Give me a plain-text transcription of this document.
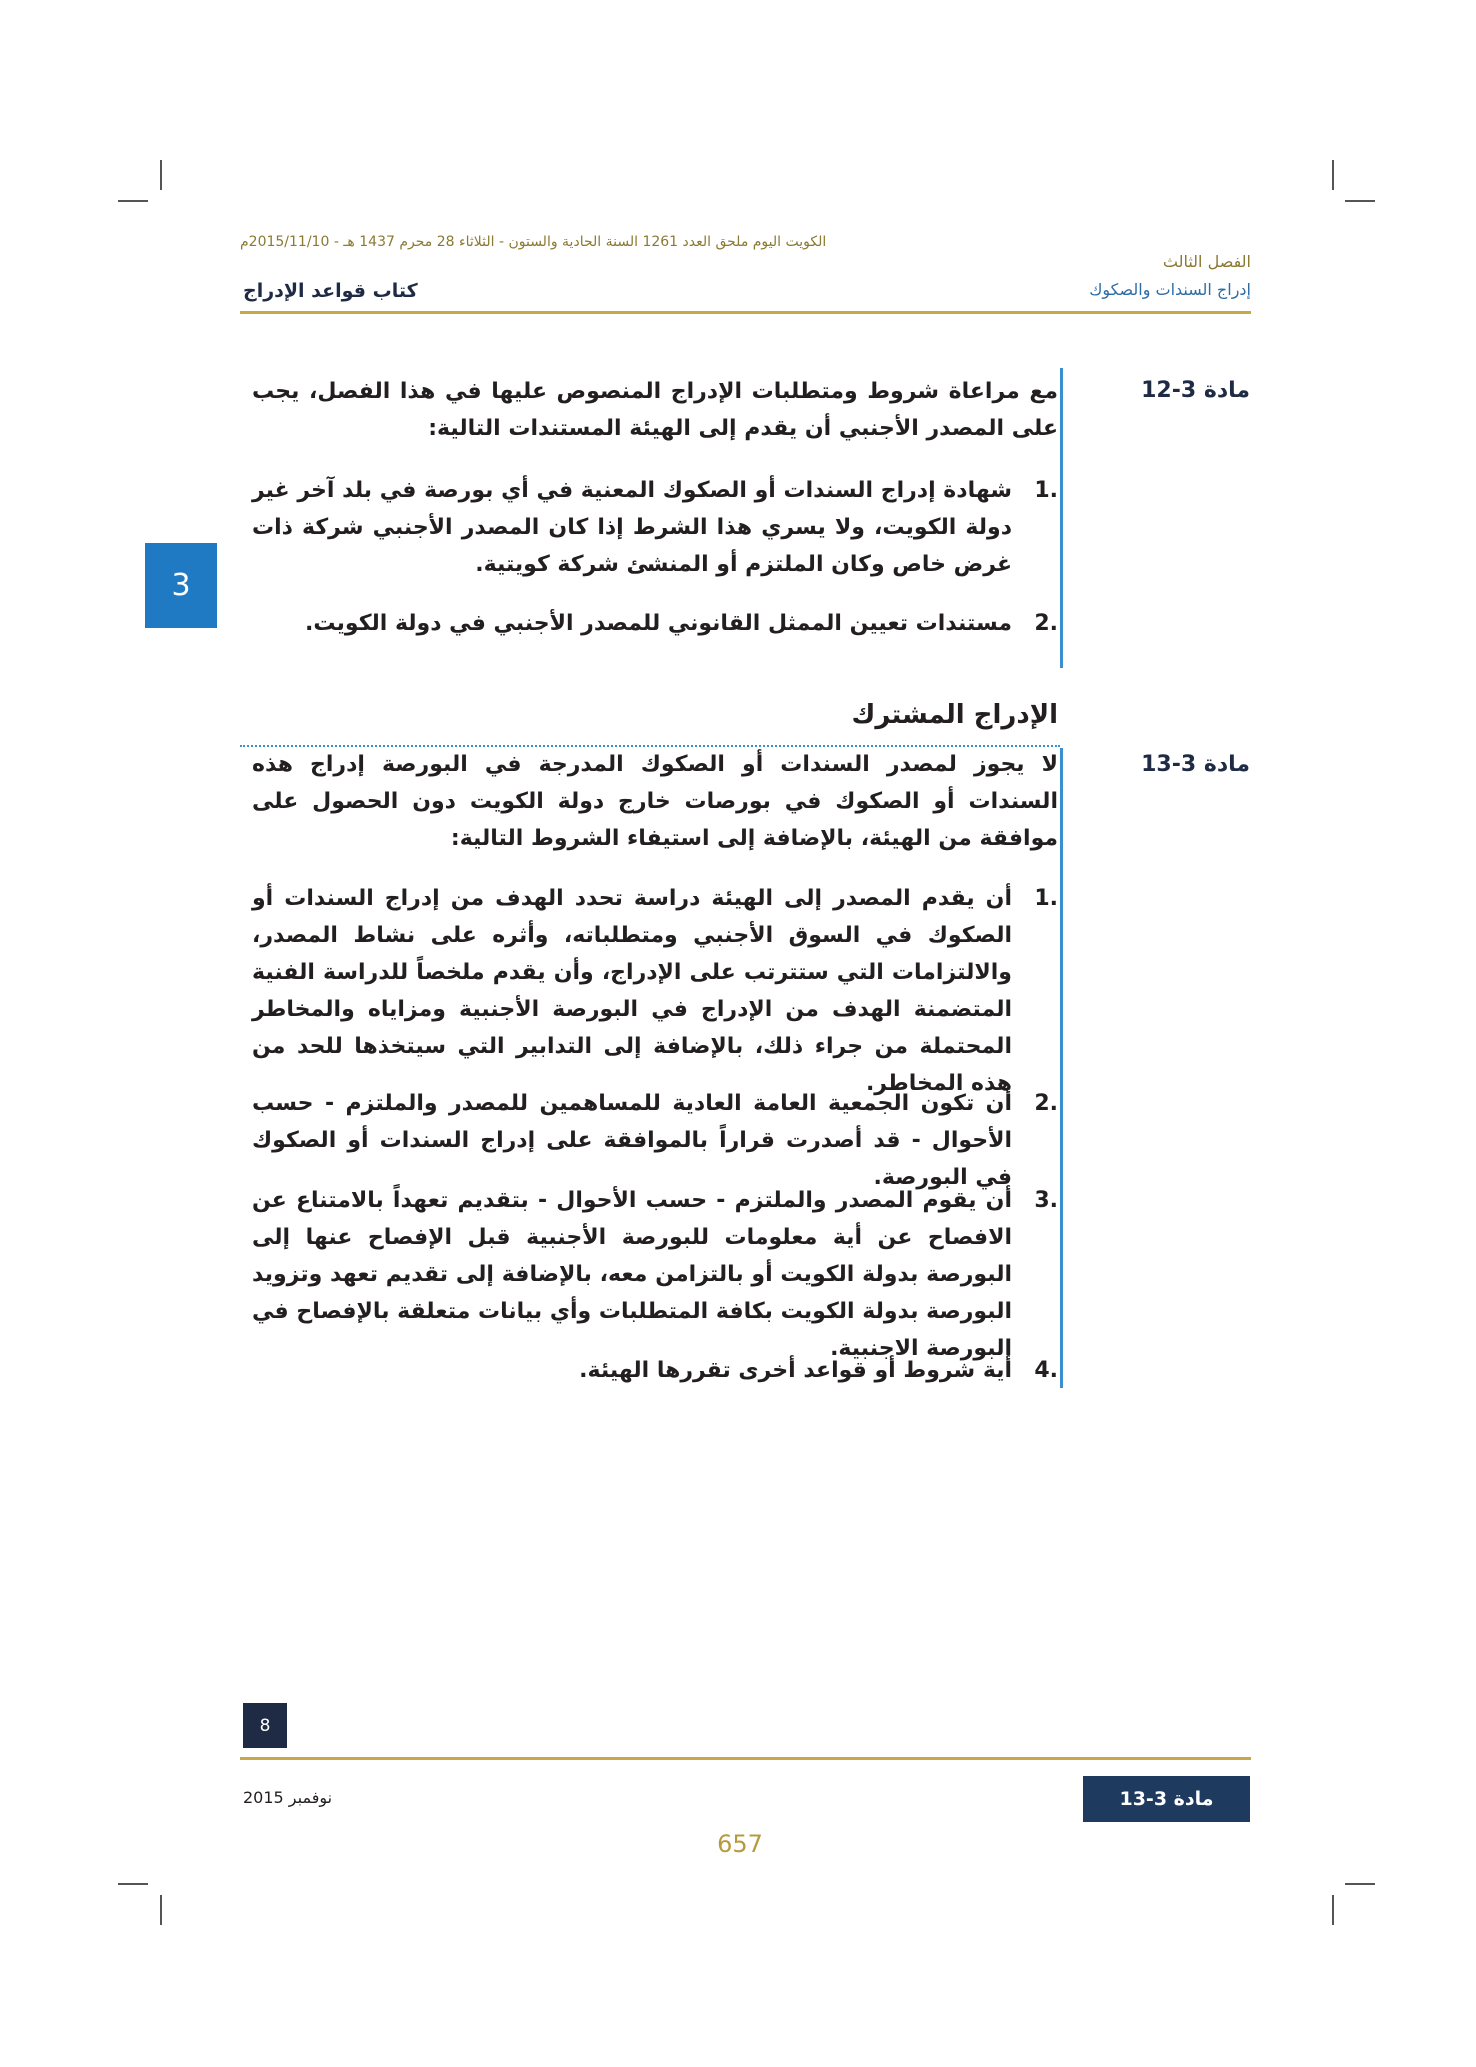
الكويت اليوم ملحق العدد 1261 السنة الحادية والستون - الثلاثاء 28 محرم 1437 هـ - 2015/11/10م
الفصل الثالث
إدراج السندات والصكوك
كتاب قواعد الإدراج
3
مادة 3-12
مع مراعاة شروط ومتطلبات الإدراج المنصوص عليها في هذا الفصل، يجب على المصدر الأجنبي أن يقدم إلى الهيئة المستندات التالية:
.1
شهادة إدراج السندات أو الصكوك المعنية في أي بورصة في بلد آخر غير دولة الكويت، ولا يسري هذا الشرط إذا كان المصدر الأجنبي شركة ذات غرض خاص وكان الملتزم أو المنشئ شركة كويتية.
.2
مستندات تعيين الممثل القانوني للمصدر الأجنبي في دولة الكويت.
الإدراج المشترك
مادة 3-13
لا يجوز لمصدر السندات أو الصكوك المدرجة في البورصة إدراج هذه السندات أو الصكوك في بورصات خارج دولة الكويت دون الحصول على موافقة من الهيئة، بالإضافة إلى استيفاء الشروط التالية:
.1
أن يقدم المصدر إلى الهيئة دراسة تحدد الهدف من إدراج السندات أو الصكوك في السوق الأجنبي ومتطلباته، وأثره على نشاط المصدر، والالتزامات التي ستترتب على الإدراج، وأن يقدم ملخصاً للدراسة الفنية المتضمنة الهدف من الإدراج في البورصة الأجنبية ومزاياه والمخاطر المحتملة من جراء ذلك، بالإضافة إلى التدابير التي سيتخذها للحد من هذه المخاطر.
.2
أن تكون الجمعية العامة العادية للمساهمين للمصدر والملتزم - حسب الأحوال - قد أصدرت قراراً بالموافقة على إدراج السندات أو الصكوك في البورصة.
.3
أن يقوم المصدر والملتزم - حسب الأحوال - بتقديم تعهداً بالامتناع عن الافصاح عن أية معلومات للبورصة الأجنبية قبل الإفصاح عنها إلى البورصة بدولة الكويت أو بالتزامن معه، بالإضافة إلى تقديم تعهد وتزويد البورصة بدولة الكويت بكافة المتطلبات وأي بيانات متعلقة بالإفصاح في البورصة الاجنبية.
.4
أية شروط أو قواعد أخرى تقررها الهيئة.
8
مادة 3-13
نوفمبر 2015
657
